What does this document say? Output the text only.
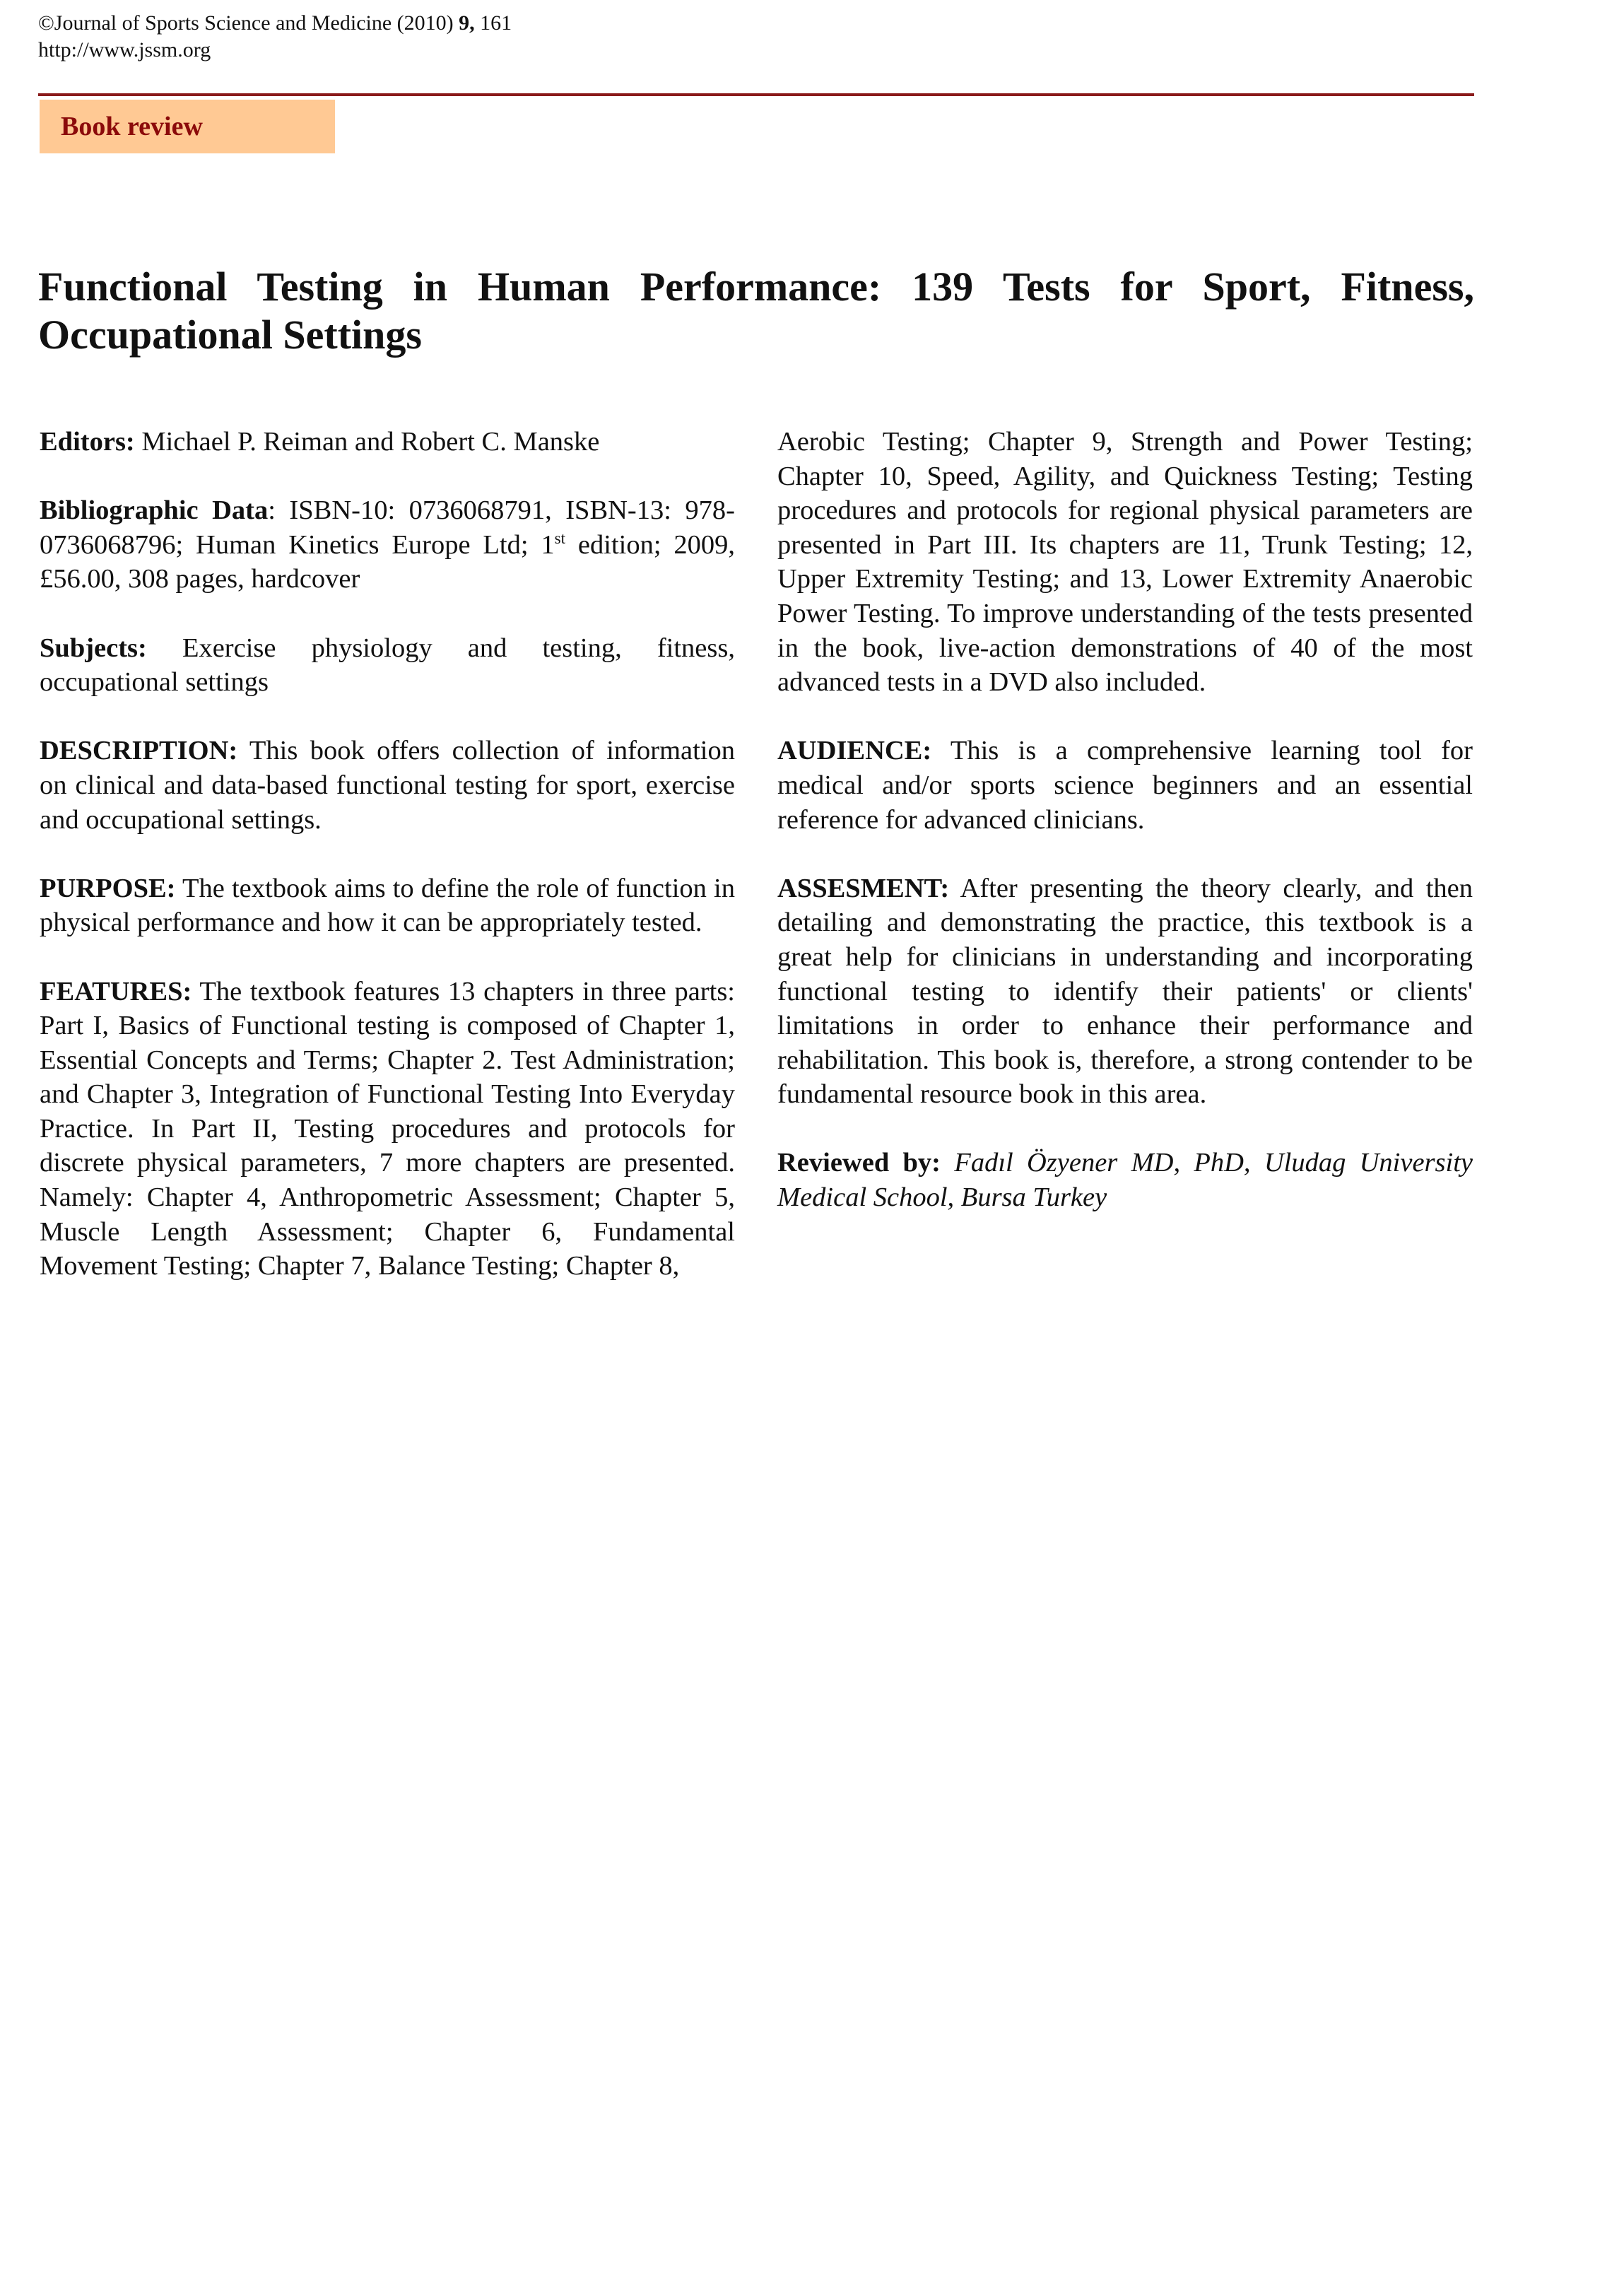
©Journal of Sports Science and Medicine (2010) 9, 161
http://www.jssm.org
Book review
Functional Testing in Human Performance: 139 Tests for Sport, Fitness, Occupational Settings

Editors: Michael P. Reiman and Robert C. Manske

Bibliographic Data: ISBN-10: 0736068791, ISBN-13: 978-0736068796; Human Kinetics Europe Ltd; 1st edition; 2009, £56.00, 308 pages, hardcover

Subjects: Exercise physiology and testing, fitness, occupational settings

DESCRIPTION: This book offers collection of information on clinical and data-based functional testing for sport, exercise and occupational settings.

PURPOSE: The textbook aims to define the role of function in physical performance and how it can be appropriately tested.

FEATURES: The textbook features 13 chapters in three parts: Part I, Basics of Functional testing is composed of Chapter 1, Essential Concepts and Terms; Chapter 2. Test Administration; and Chapter 3, Integration of Functional Testing Into Everyday Practice. In Part II, Testing procedures and protocols for discrete physical parameters, 7 more chapters are presented. Namely: Chapter 4, Anthropometric Assessment; Chapter 5, Muscle Length Assessment; Chapter 6, Fundamental Movement Testing; Chapter 7, Balance Testing; Chapter 8,

Aerobic Testing; Chapter 9, Strength and Power Testing; Chapter 10, Speed, Agility, and Quickness Testing; Testing procedures and protocols for regional physical parameters are presented in Part III. Its chapters are 11, Trunk Testing; 12, Upper Extremity Testing; and 13, Lower Extremity Anaerobic Power Testing. To improve understanding of the tests presented in the book, live-action demonstrations of 40 of the most advanced tests in a DVD also included.

AUDIENCE: This is a comprehensive learning tool for medical and/or sports science beginners and an essential reference for advanced clinicians.

ASSESMENT: After presenting the theory clearly, and then detailing and demonstrating the practice, this textbook is a great help for clinicians in understanding and incorporating functional testing to identify their patients' or clients' limitations in order to enhance their performance and rehabilitation. This book is, therefore, a strong contender to be fundamental resource book in this area.

Reviewed by: Fadıl Özyener MD, PhD, Uludag University Medical School, Bursa Turkey
